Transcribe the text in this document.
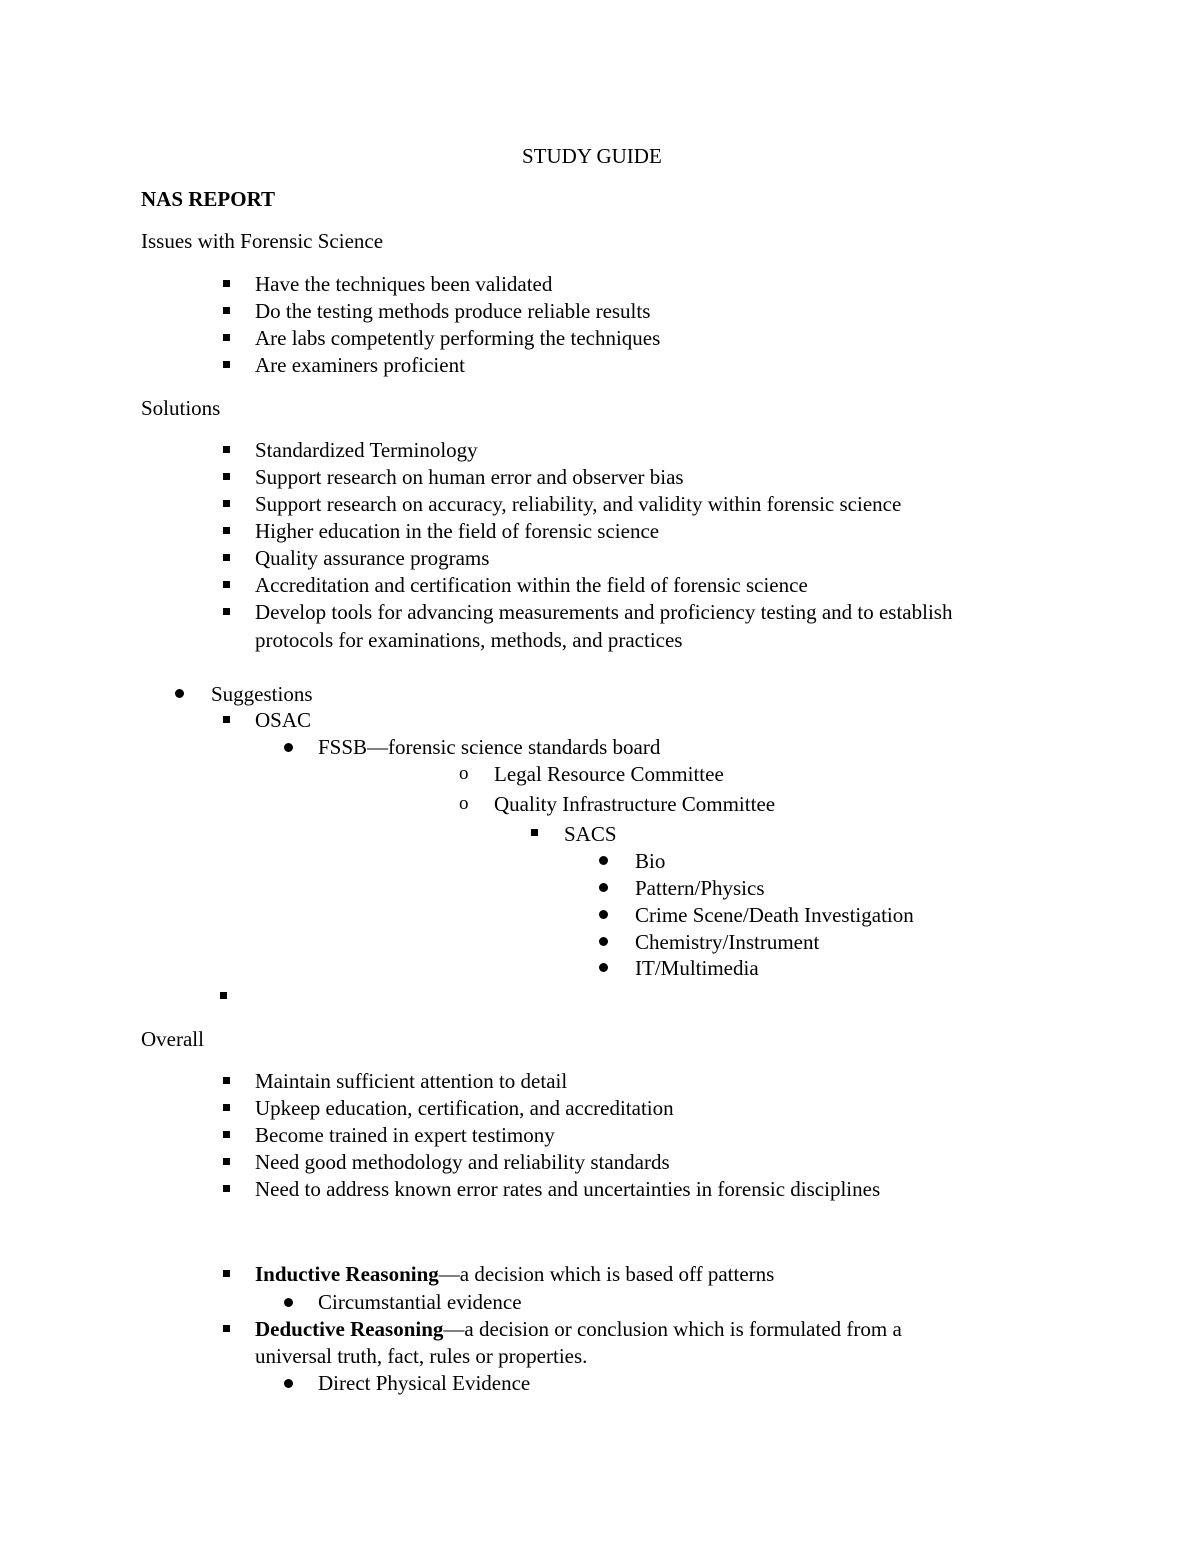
STUDY GUIDE
NAS REPORT
Issues with Forensic Science
Have the techniques been validated
Do the testing methods produce reliable results
Are labs competently performing the techniques
Are examiners proficient
Solutions
Standardized Terminology
Support research on human error and observer bias
Support research on accuracy, reliability, and validity within forensic science
Higher education in the field of forensic science
Quality assurance programs
Accreditation and certification within the field of forensic science
Develop tools for advancing measurements and proficiency testing and to establish
protocols for examinations, methods, and practices
Suggestions
OSAC
FSSB—forensic science standards board
o Legal Resource Committee
o Quality Infrastructure Committee
SACS
Bio
Pattern/Physics
Crime Scene/Death Investigation
Chemistry/Instrument
IT/Multimedia
Overall
Maintain sufficient attention to detail
Upkeep education, certification, and accreditation
Become trained in expert testimony
Need good methodology and reliability standards
Need to address known error rates and uncertainties in forensic disciplines
Inductive Reasoning—a decision which is based off patterns
Circumstantial evidence
Deductive Reasoning—a decision or conclusion which is formulated from a
universal truth, fact, rules or properties.
Direct Physical Evidence
